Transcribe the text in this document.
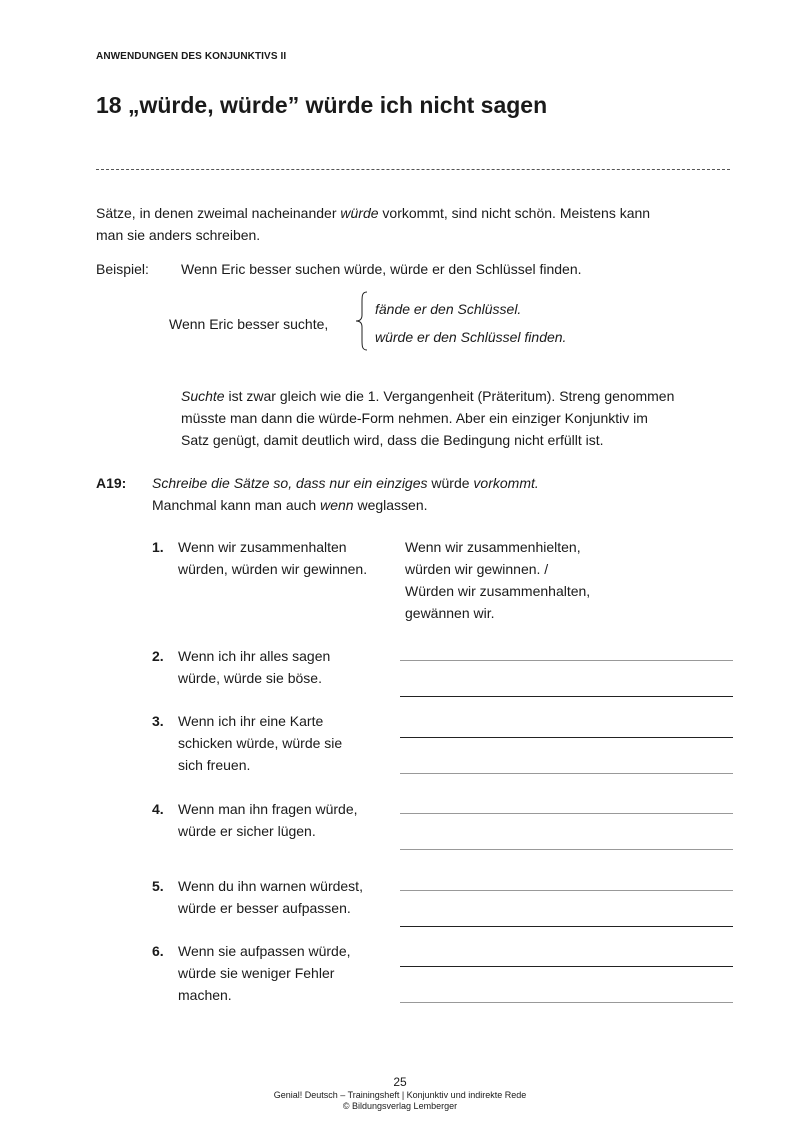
ANWENDUNGEN DES KONJUNKTIVS II
18 „würde, würde” würde ich nicht sagen
Sätze, in denen zweimal nacheinander würde vorkommt, sind nicht schön. Meistens kann
man sie anders schreiben.
Beispiel: Wenn Eric besser suchen würde, würde er den Schlüssel finden.
Wenn Eric besser suchte,
fände er den Schlüssel.
würde er den Schlüssel finden.
Suchte ist zwar gleich wie die 1. Vergangenheit (Präteritum). Streng genommen
müsste man dann die würde-Form nehmen. Aber ein einziger Konjunktiv im
Satz genügt, damit deutlich wird, dass die Bedingung nicht erfüllt ist.
A19: Schreibe die Sätze so, dass nur ein einziges würde vorkommt.
Manchmal kann man auch wenn weglassen.
1. Wenn wir zusammenhalten
würden, würden wir gewinnen.
Wenn wir zusammenhielten,
würden wir gewinnen. /
Würden wir zusammenhalten,
gewännen wir.
2. Wenn ich ihr alles sagen
würde, würde sie böse.
3. Wenn ich ihr eine Karte
schicken würde, würde sie
sich freuen.
4. Wenn man ihn fragen würde,
würde er sicher lügen.
5. Wenn du ihn warnen würdest,
würde er besser aufpassen.
6. Wenn sie aufpassen würde,
würde sie weniger Fehler
machen.
25
Genial! Deutsch – Trainingsheft | Konjunktiv und indirekte Rede
© Bildungsverlag Lemberger
